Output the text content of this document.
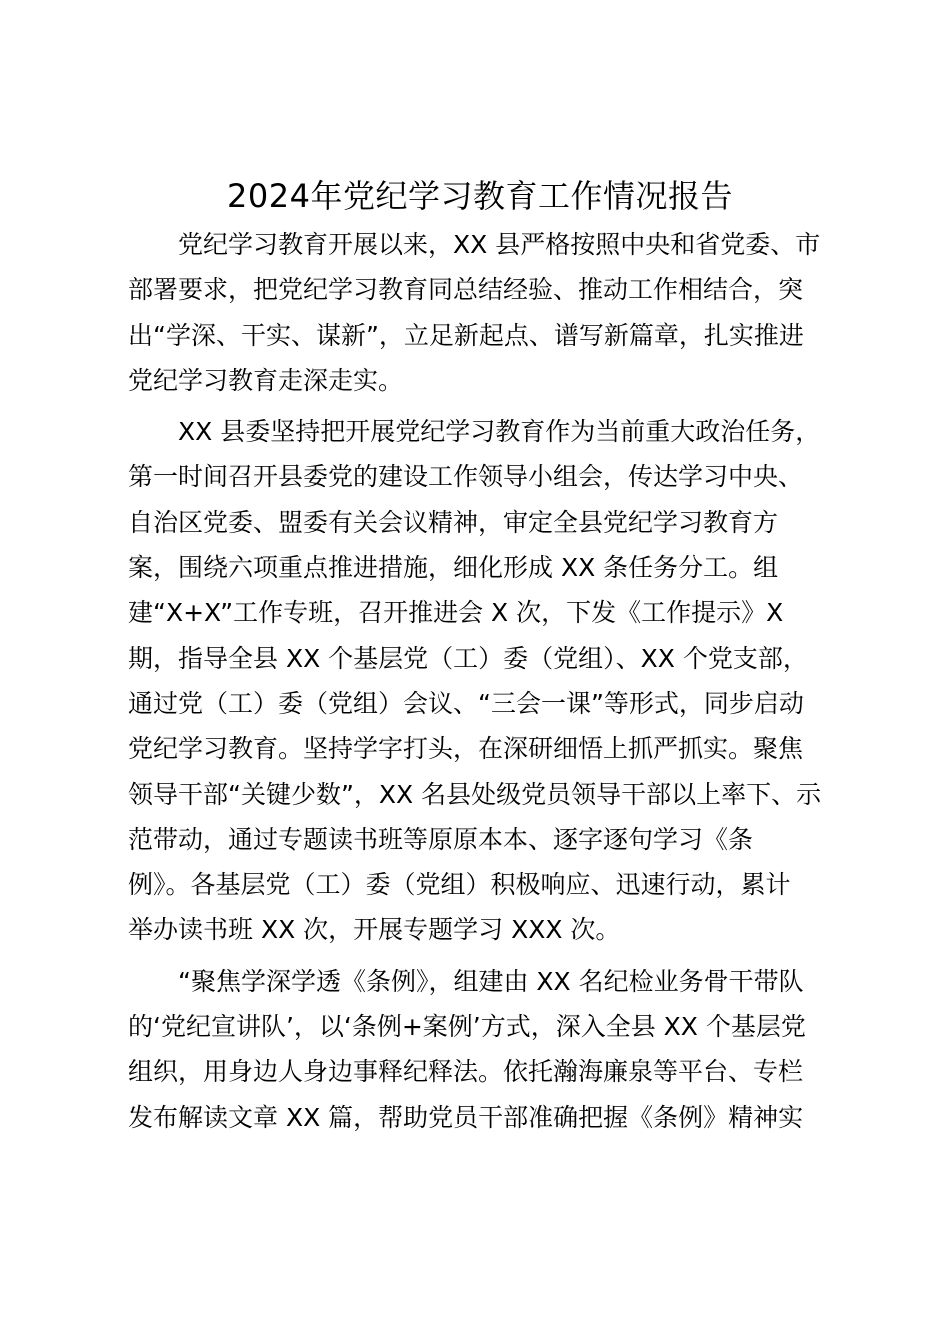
2024年党纪学习教育工作情况报告
党纪学习教育开展以来，XX 县严格按照中央和省党委、市
部署要求，把党纪学习教育同总结经验、推动工作相结合，突
出“学深、干实、谋新”，立足新起点、谱写新篇章，扎实推进
党纪学习教育走深走实。
XX 县委坚持把开展党纪学习教育作为当前重大政治任务，
第一时间召开县委党的建设工作领导小组会，传达学习中央、
自治区党委、盟委有关会议精神，审定全县党纪学习教育方
案，围绕六项重点推进措施，细化形成 XX 条任务分工。组
建“X+X”工作专班，召开推进会 X 次，下发《工作提示》X
期，指导全县 XX 个基层党（工）委（党组）、XX 个党支部，
通过党（工）委（党组）会议、“三会一课”等形式，同步启动
党纪学习教育。坚持学字打头，在深研细悟上抓严抓实。聚焦
领导干部“关键少数”，XX 名县处级党员领导干部以上率下、示
范带动，通过专题读书班等原原本本、逐字逐句学习《条
例》。各基层党（工）委（党组）积极响应、迅速行动，累计
举办读书班 XX 次，开展专题学习 XXX 次。
“聚焦学深学透《条例》，组建由 XX 名纪检业务骨干带队
的‘党纪宣讲队’，以‘条例+案例’方式，深入全县 XX 个基层党
组织，用身边人身边事释纪释法。依托瀚海廉泉等平台、专栏
发布解读文章 XX 篇，帮助党员干部准确把握《条例》精神实
